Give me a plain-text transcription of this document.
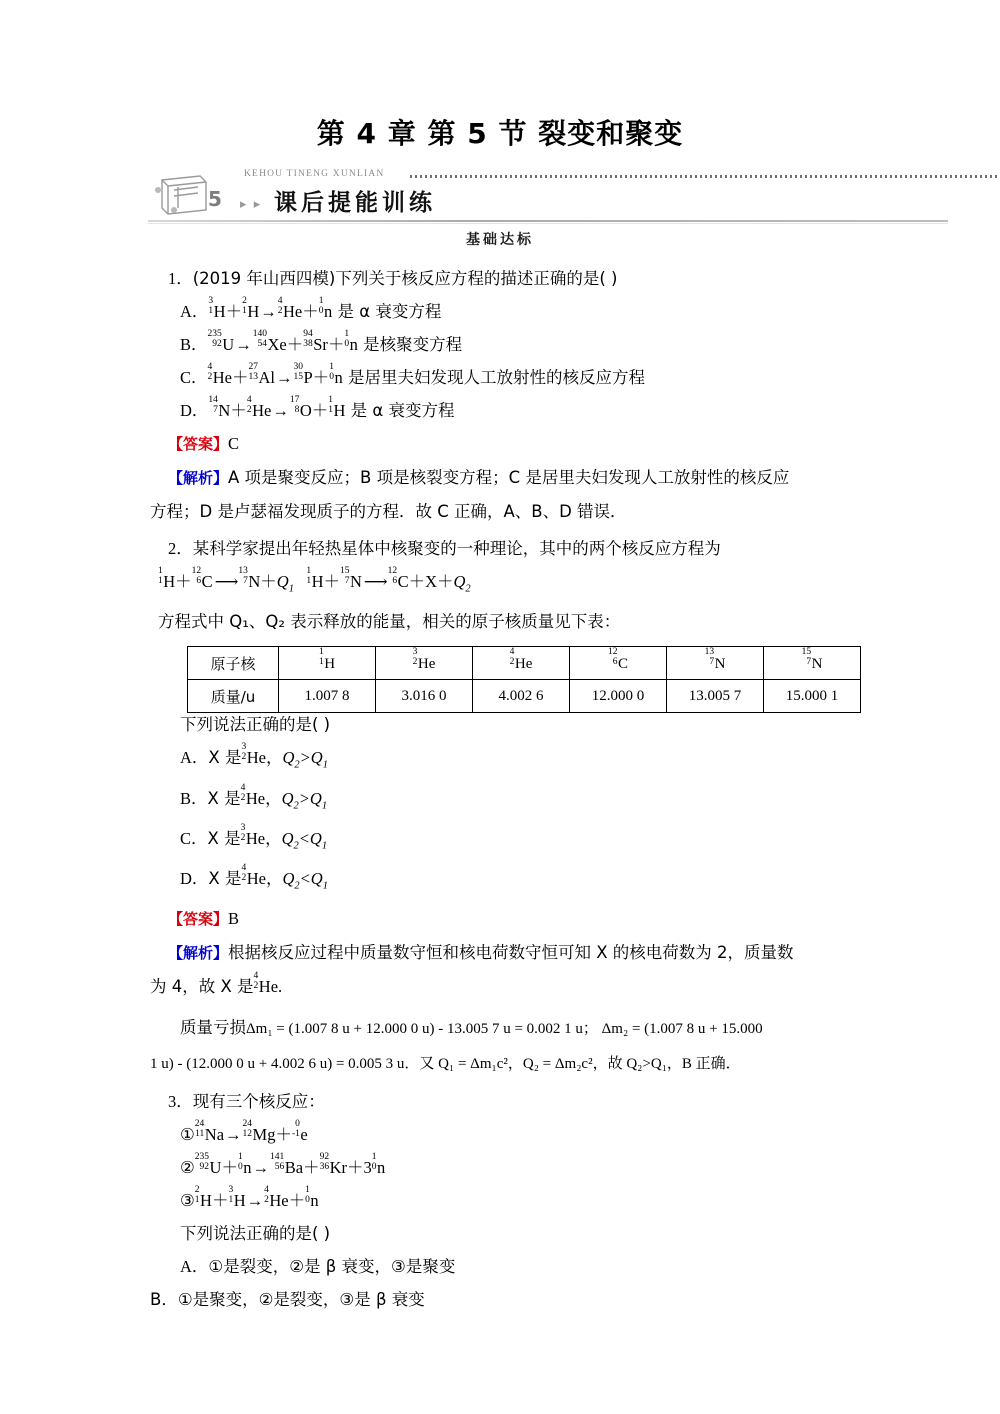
第 4 章 第 5 节 裂变和聚变
5
KEHOU TINENG XUNLIAN
▸ ▸ 课后提能训练
基础达标

1．(2019 年山西四模)下列关于核反应方程的描述正确的是( )

A．
3
1 H＋
2
1 H→
4
2 He＋
1
0 n 是 α 衰变方程

B．
235
92 U→
140
54 Xe＋
94
38 Sr＋
1
0 n 是核聚变方程

C．
4
2 He＋
27
13 Al→
30
15 P＋
1
0 n 是居里夫妇发现人工放射性的核反应方程

D．
14
7 N＋
4
2 He→
17
8 O＋
1
1 H 是 α 衰变方程

【答案】C

【解析】A 项是聚变反应；B 项是核裂变方程；C 是居里夫妇发现人工放射性的核反应

方程；D 是卢瑟福发现质子的方程．故 C 正确，A、B、D 错误．

2．某科学家提出年轻热星体中核聚变的一种理论，其中的两个核反应方程为

1
1 H＋
12
6 C ⟶
13
7 $N+Q_1$
1
1 H＋
15
7 N ⟶
12
6 $C+X+Q_2$

方程式中 Q₁、Q₂ 表示释放的能量，相关的原子核质量见下表：

下列说法正确的是( )

A．X 是
3
2 He，$Q_2>Q_1$

B．X 是
4
2 He，$Q_2>Q_1$

C．X 是
3
2 He，$Q_2<Q_1$

D．X 是
4
2 He，$Q_2<Q_1$

【答案】B

【解析】根据核反应过程中质量数守恒和核电荷数守恒可知 X 的核电荷数为 2，质量数

为 4，故 X 是
4
2 He.

质量亏损Δm₁ = (1.007 8 u + 12.000 0 u) - 13.005 7 u = 0.002 1 u； Δm₂ = (1.007 8 u + 15.000

1 u) - (12.000 0 u + 4.002 6 u) = 0.005 3 u．又 Q₁ = Δm₁c²，Q₂ = Δm₂c²，故 Q₂>Q₁，B 正确．

3．现有三个核反应：

①
24
11 Na→
24
12 Mg＋
0
-1 e

②
235
92 U＋
1
0 n→
141
56 Ba＋
92
36 Kr＋3
1
0 n

③
2
1 H＋
3
1 H→
4
2 He＋
1
0 n

下列说法正确的是( )

A．①是裂变，②是 β 衰变，③是聚变

B．①是聚变，②是裂变，③是 β 衰变

原子核	1
1 H	3
2 He	4
2 He	12
6 C	13
7 N	15
7 N
质量/u	1.007 8	3.016 0	4.002 6	12.000 0	13.005 7	15.000 1
